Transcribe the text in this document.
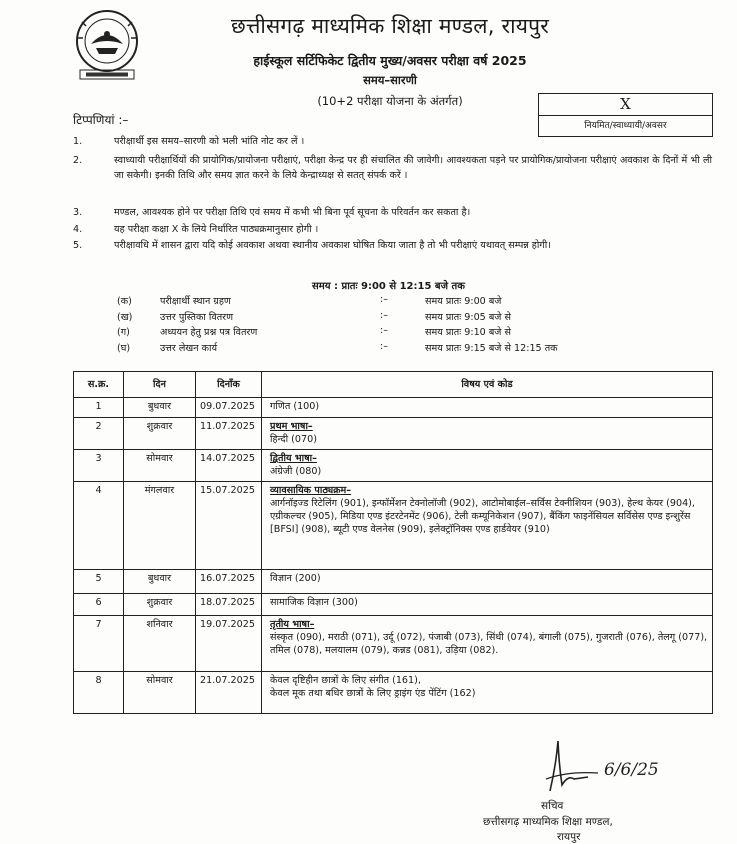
छत्तीसगढ़ माध्यमिक शिक्षा मण्डल, रायपुर
हाईस्कूल सर्टिफिकेट द्वितीय मुख्य/अवसर परीक्षा वर्ष 2025
समय–सारणी
(10+2 परीक्षा योजना के अंतर्गत)	X
नियमित/स्वाध्यायी/अवसर
टिप्पणियां :–
1.	परीक्षार्थी इस समय–सारणी को भली भांति नोट कर लें ।
2.	स्वाध्यायी परीक्षार्थियों की प्रायोगिक/प्रायोजना परीक्षाएं, परीक्षा केन्द्र पर ही संचालित की जावेगी। आवश्यकता पड़ने पर प्रायोगिक/प्रायोजना परीक्षाएं अवकाश के दिनों में भी ली जा सकेगी। इनकी तिथि और समय ज्ञात करने के लिये केन्द्राध्यक्ष से सतत् संपर्क करें ।
3.	मण्डल, आवश्यक होने पर परीक्षा तिथि एवं समय में कभी भी बिना पूर्व सूचना के परिवर्तन कर सकता है।
4.	यह परीक्षा कक्षा X के लिये निर्धारित पाठ्यक्रमानुसार होगी ।
5.	परीक्षावधि में शासन द्वारा यदि कोई अवकाश अथवा स्थानीय अवकाश घोषित किया जाता है तो भी परीक्षाएं यथावत् सम्पन्न होगी।
समय : प्रातः 9:00 से 12:15 बजे तक
(क)	परीक्षार्थी स्थान ग्रहण	:–	समय प्रातः 9:00 बजे
(ख)	उत्तर पुस्तिका वितरण	:–	समय प्रातः 9:05 बजे से
(ग)	अध्ययन हेतु प्रश्न पत्र वितरण	:–	समय प्रातः 9:10 बजे से
(घ)	उत्तर लेखन कार्य	:–	समय प्रातः 9:15 बजे से 12:15 तक
स.क्र.	दिन	दिनाँक	विषय एवं कोड
1	बुधवार	09.07.2025	गणित (100)

2	शुक्रवार	11.07.2025	प्रथम भाषा–
हिन्दी (070)

3	सोमवार	14.07.2025	द्वितीय भाषा–
अंग्रेजी (080)

4	मंगलवार	15.07.2025	व्यावसायिक पाठ्यक्रम–
आर्गनॉइज्ड रिटेलिंग (901), इन्फॉर्मेशन टेक्नोलॉजी (902), आटोमोबाईल–सर्विस टेक्नीशियन (903), हेल्थ केयर (904), एग्रीकल्चर (905), मिडिया एण्ड इंटरटेनमेंट (906), टेली कम्यूनिकेशन (907), बैंकिंग फाइनेंसियल सर्विसेस एण्ड इन्शुरेंस [BFSI] (908), ब्यूटी एण्ड वेलनेस (909), इलेक्ट्रॉनिक्स एण्ड हार्डवेयर (910)

5	बुधवार	16.07.2025	विज्ञान (200)

6	शुक्रवार	18.07.2025	सामाजिक विज्ञान (300)

7	शनिवार	19.07.2025	तृतीय भाषा–
संस्कृत (090), मराठी (071), उर्दू (072), पंजाबी (073), सिंधी (074), बंगाली (075), गुजराती (076), तेलगू (077), तमिल (078), मलयालम (079), कन्नड (081), उड़िया (082).

8	सोमवार	21.07.2025	केवल दृष्टिहीन छात्रों के लिए संगीत (161),
केवल मूक तथा बधिर छात्रों के लिए ड्राइंग एंड पेंटिंग (162)
6/6/25
सचिव
छत्तीसगढ़ माध्यमिक शिक्षा मण्डल,
रायपुर
